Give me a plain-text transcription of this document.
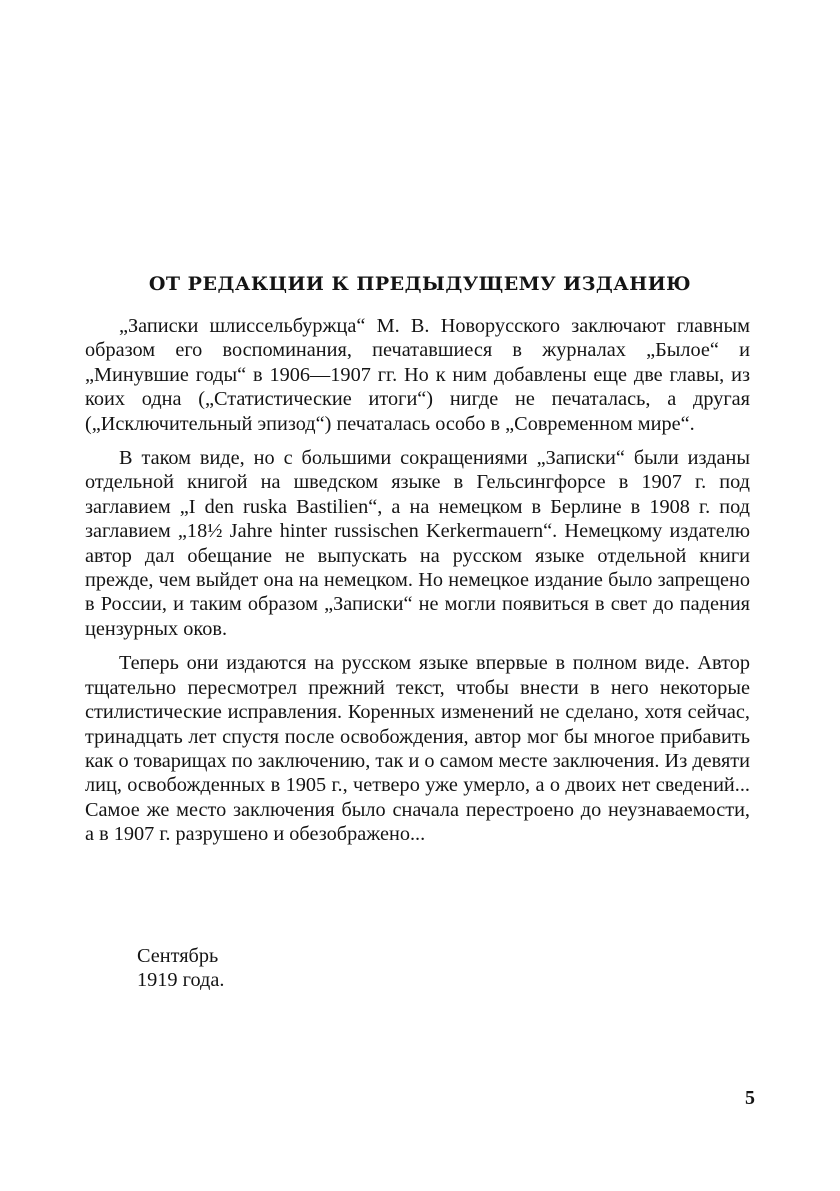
ОТ РЕДАКЦИИ К ПРЕДЫДУЩЕМУ ИЗДАНИЮ

„Записки шлиссельбуржца“ М. В. Новорусского заключают главным образом его воспоминания, печатавшиеся в журналах „Былое“ и „Минувшие годы“ в 1906—1907 гг. Но к ним добавлены еще две главы, из коих одна („Статистические итоги“) нигде не печаталась, а другая („Исключительный эпизод“) печаталась особо в „Современном мире“.

В таком виде, но с большими сокращениями „Записки“ были изданы отдельной книгой на шведском языке в Гельсингфорсе в 1907 г. под заглавием „I den ruska Bastilien“, а на немецком в Берлине в 1908 г. под заглавием „18½ Jahre hinter russischen Kerkermauern“. Немецкому издателю автор дал обещание не выпускать на русском языке отдельной книги прежде, чем выйдет она на немецком. Но немецкое издание было запрещено в России, и таким образом „Записки“ не могли появиться в свет до падения цензурных оков.

Теперь они издаются на русском языке впервые в полном виде. Автор тщательно пересмотрел прежний текст, чтобы внести в него некоторые стилистические исправления. Коренных изменений не сделано, хотя сейчас, тринадцать лет спустя после освобождения, автор мог бы многое прибавить как о товарищах по заключению, так и о самом месте заключения. Из девяти лиц, освобожденных в 1905 г., четверо уже умерло, а о двоих нет сведений... Самое же место заключения было сначала перестроено до неузнаваемости, а в 1907 г. разрушено и обезображено...

Сентябрь
1919 года.
5
